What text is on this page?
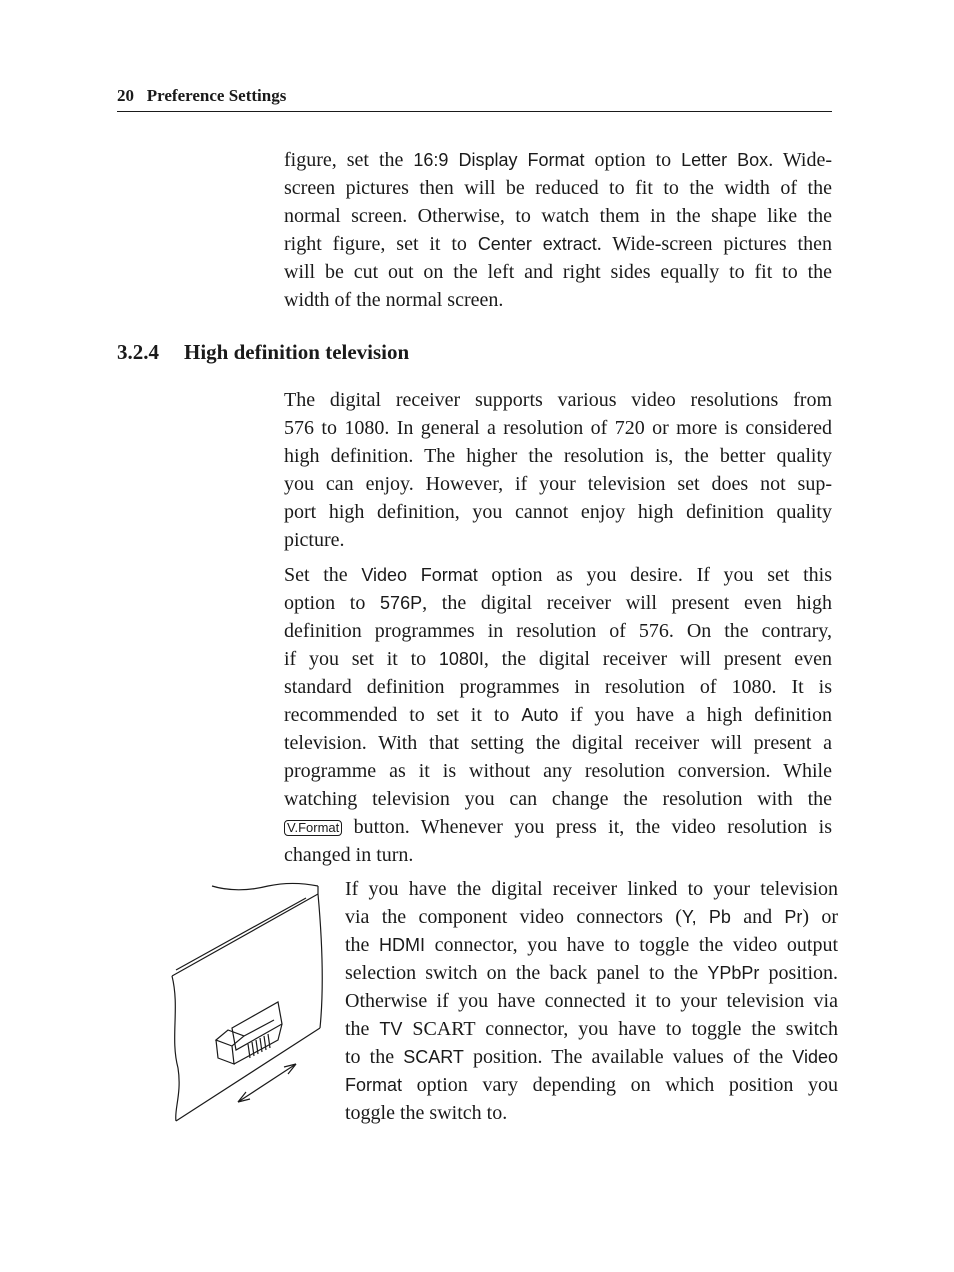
20 Preference Settings
figure, set the 16:9 Display Format option to Letter Box. Wide-
screen pictures then will be reduced to fit to the width of the
normal screen. Otherwise, to watch them in the shape like the
right figure, set it to Center extract. Wide-screen pictures then
will be cut out on the left and right sides equally to fit to the
width of the normal screen.
3.2.4 High definition television
The digital receiver supports various video resolutions from
576 to 1080. In general a resolution of 720 or more is considered
high definition. The higher the resolution is, the better quality
you can enjoy. However, if your television set does not sup-
port high definition, you cannot enjoy high definition quality
picture.
Set the Video Format option as you desire. If you set this
option to 576P, the digital receiver will present even high
definition programmes in resolution of 576. On the contrary,
if you set it to 1080I, the digital receiver will present even
standard definition programmes in resolution of 1080. It is
recommended to set it to Auto if you have a high definition
television. With that setting the digital receiver will present a
programme as it is without any resolution conversion. While
watching television you can change the resolution with the
V.Format button. Whenever you press it, the video resolution is
changed in turn.
If you have the digital receiver linked to your television
via the component video connectors (Y, Pb and Pr) or
the HDMI connector, you have to toggle the video output
selection switch on the back panel to the YPbPr position.
Otherwise if you have connected it to your television via
the TV SCART connector, you have to toggle the switch
to the SCART position. The available values of the Video
Format option vary depending on which position you
toggle the switch to.
